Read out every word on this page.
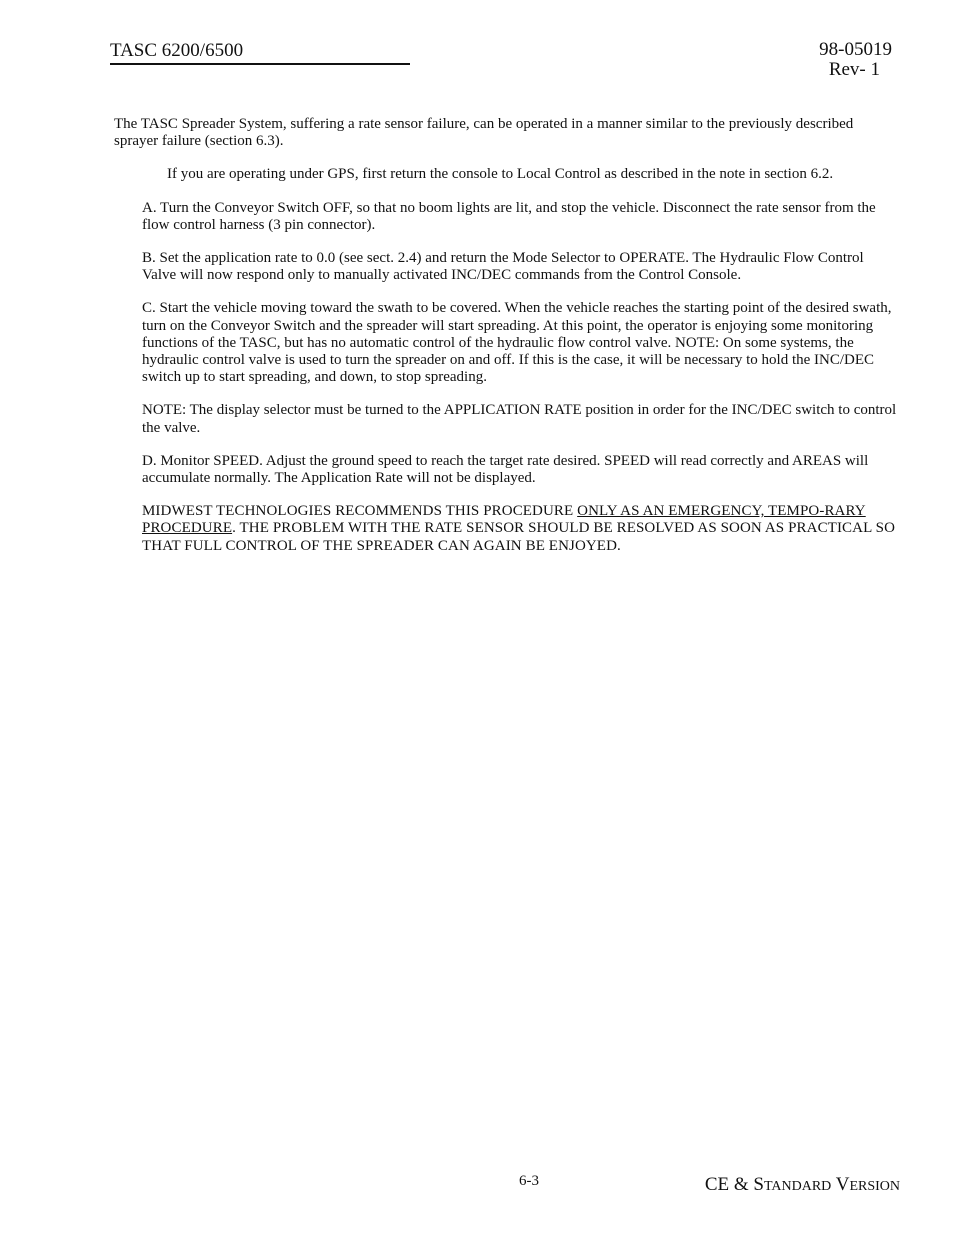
TASC 6200/6500	98-05019

Rev- 1

The TASC Spreader System, suffering a rate sensor failure, can be operated in a manner similar to the previously described sprayer failure (section 6.3).

If you are operating under GPS, first return the console to Local Control as described in the note in section 6.2.

A. Turn the Conveyor Switch OFF, so that no boom lights are lit, and stop the vehicle. Disconnect the rate sensor from the flow control harness (3 pin connector).

B. Set the application rate to 0.0 (see sect. 2.4) and return the Mode Selector to OPERATE. The Hydraulic Flow Control Valve will now respond only to manually activated INC/DEC commands from the Control Console.

C. Start the vehicle moving toward the swath to be covered. When the vehicle reaches the starting point of the desired swath, turn on the Conveyor Switch and the spreader will start spreading. At this point, the operator is enjoying some monitoring functions of the TASC, but has no automatic control of the hydraulic flow control valve. NOTE: On some systems, the hydraulic control valve is used to turn the spreader on and off. If this is the case, it will be necessary to hold the INC/DEC switch up to start spreading, and down, to stop spreading.

NOTE: The display selector must be turned to the APPLICATION RATE position in order for the INC/DEC switch to control the valve.

D. Monitor SPEED. Adjust the ground speed to reach the target rate desired. SPEED will read correctly and AREAS will accumulate normally. The Application Rate will not be displayed.

MIDWEST TECHNOLOGIES RECOMMENDS THIS PROCEDURE ONLY AS AN EMERGENCY, TEMPO-RARY PROCEDURE. THE PROBLEM WITH THE RATE SENSOR SHOULD BE RESOLVED AS SOON AS PRACTICAL SO THAT FULL CONTROL OF THE SPREADER CAN AGAIN BE ENJOYED.

6-3	CE & STANDARD VERSION
